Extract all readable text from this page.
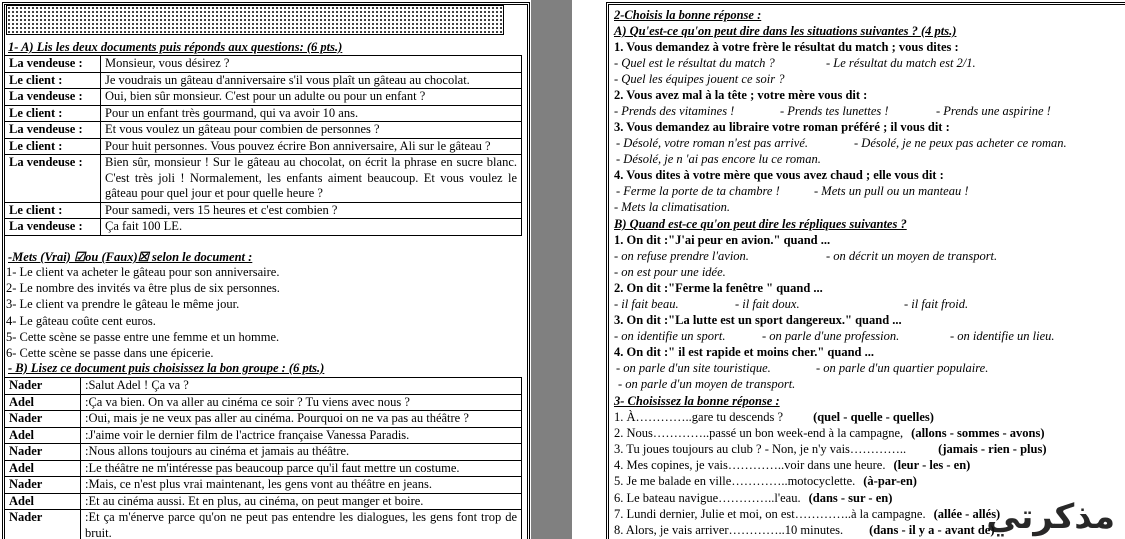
1- A) Lis les deux documents puis réponds aux questions: (6 pts.)
La vendeuse :	Monsieur, vous désirez ?
Le client :	Je voudrais un gâteau d'anniversaire s'il vous plaît un gâteau au chocolat.
La vendeuse :	Oui, bien sûr monsieur. C'est pour un adulte ou pour un enfant ?
Le client :	Pour un enfant très gourmand, qui va avoir 10 ans.
La vendeuse :	Et vous voulez un gâteau pour combien de personnes ?
Le client :	Pour huit personnes. Vous pouvez écrire Bon anniversaire, Ali sur le gâteau ?
La vendeuse :	Bien sûr, monsieur ! Sur le gâteau au chocolat, on écrit la phrase en sucre blanc. C'est très joli ! Normalement, les enfants aiment beaucoup. Et vous voulez le gâteau pour quel jour et pour quelle heure ?
Le client :	Pour samedi, vers 15 heures et c'est combien ?
La vendeuse :	Ça fait 100 LE.
-Mets (Vrai) ☑ou (Faux)☒ selon le document :
1- Le client va acheter le gâteau pour son anniversaire.
2- Le nombre des invités va être plus de six personnes.
3- Le client va prendre le gâteau le même jour.
4- Le gâteau coûte cent euros.
5- Cette scène se passe entre une femme et un homme.
6- Cette scène se passe dans une épicerie.
- B) Lisez ce document puis choisissez la bon groupe : (6 pts.)
Nader	:Salut Adel ! Ça va ?
Adel	:Ça va bien. On va aller au cinéma ce soir ? Tu viens avec nous ?
Nader	:Oui, mais je ne veux pas aller au cinéma. Pourquoi on ne va pas au théâtre ?
Adel	:J'aime voir le dernier film de l'actrice française Vanessa Paradis.
Nader	:Nous allons toujours au cinéma et jamais au théâtre.
Adel	:Le théâtre ne m'intéresse pas beaucoup parce qu'il faut mettre un costume.
Nader	:Mais, ce n'est plus vrai maintenant, les gens vont au théâtre en jeans.
Adel	:Et au cinéma aussi. Et en plus, au cinéma, on peut manger et boire.
Nader	:Et ça m'énerve parce qu'on ne peut pas entendre les dialogues, les gens font trop de bruit.
2-Choisis la bonne réponse :
A) Qu'est-ce qu'on peut dire dans les situations suivantes ? (4 pts.)
1. Vous demandez à votre frère le résultat du match ; vous dites :
- Quel est le résultat du match ?	- Le résultat du match est 2/1.
- Quel les équipes jouent ce soir ?
2. Vous avez mal à la tête ; votre mère vous dit :
- Prends des vitamines !	- Prends tes lunettes !	- Prends une aspirine !
3. Vous demandez au libraire votre roman préféré ; il vous dit :
- Désolé, votre roman n'est pas arrivé.	- Désolé, je ne peux pas acheter ce roman.
- Désolé, je n 'ai pas encore lu ce roman.
4. Vous dites à votre mère que vous avez chaud ; elle vous dit :
- Ferme la porte de ta chambre !	- Mets un pull ou un manteau !
- Mets la climatisation.
B) Quand est-ce qu'on peut dire les répliques suivantes ?
1. On dit :"J'ai peur en avion." quand ...
- on refuse prendre l'avion.	- on décrit un moyen de transport.
- on est pour une idée.
2. On dit :"Ferme la fenêtre " quand ...
- il fait beau.	- il fait doux.	- il fait froid.
3. On dit :"La lutte est un sport dangereux." quand ...
- on identifie un sport.	- on parle d'une profession.	- on identifie un lieu.
4. On dit :" il est rapide et moins cher." quand ...
- on parle d'un site touristique.	- on parle d'un quartier populaire.
- on parle d'un moyen de transport.
3- Choisissez la bonne réponse :
1. À…………..gare tu descends ? (quel - quelle - quelles)
2. Nous…………..passé un bon week-end à la campagne, (allons - sommes - avons)
3. Tu joues toujours au club ? - Non, je n'y vais…………..	(jamais - rien - plus)
4. Mes copines, je vais…………..voir dans une heure. (leur - les - en)
5. Je me balade en ville…………..motocyclette. (à-par-en)
6. Le bateau navigue…………..l'eau. (dans - sur - en)
7. Lundi dernier, Julie et moi, on est…………..à la campagne. (allée - allés)
8. Alors, je vais arriver…………..10 minutes. (dans - il y a - avant de)
مذكرتي
